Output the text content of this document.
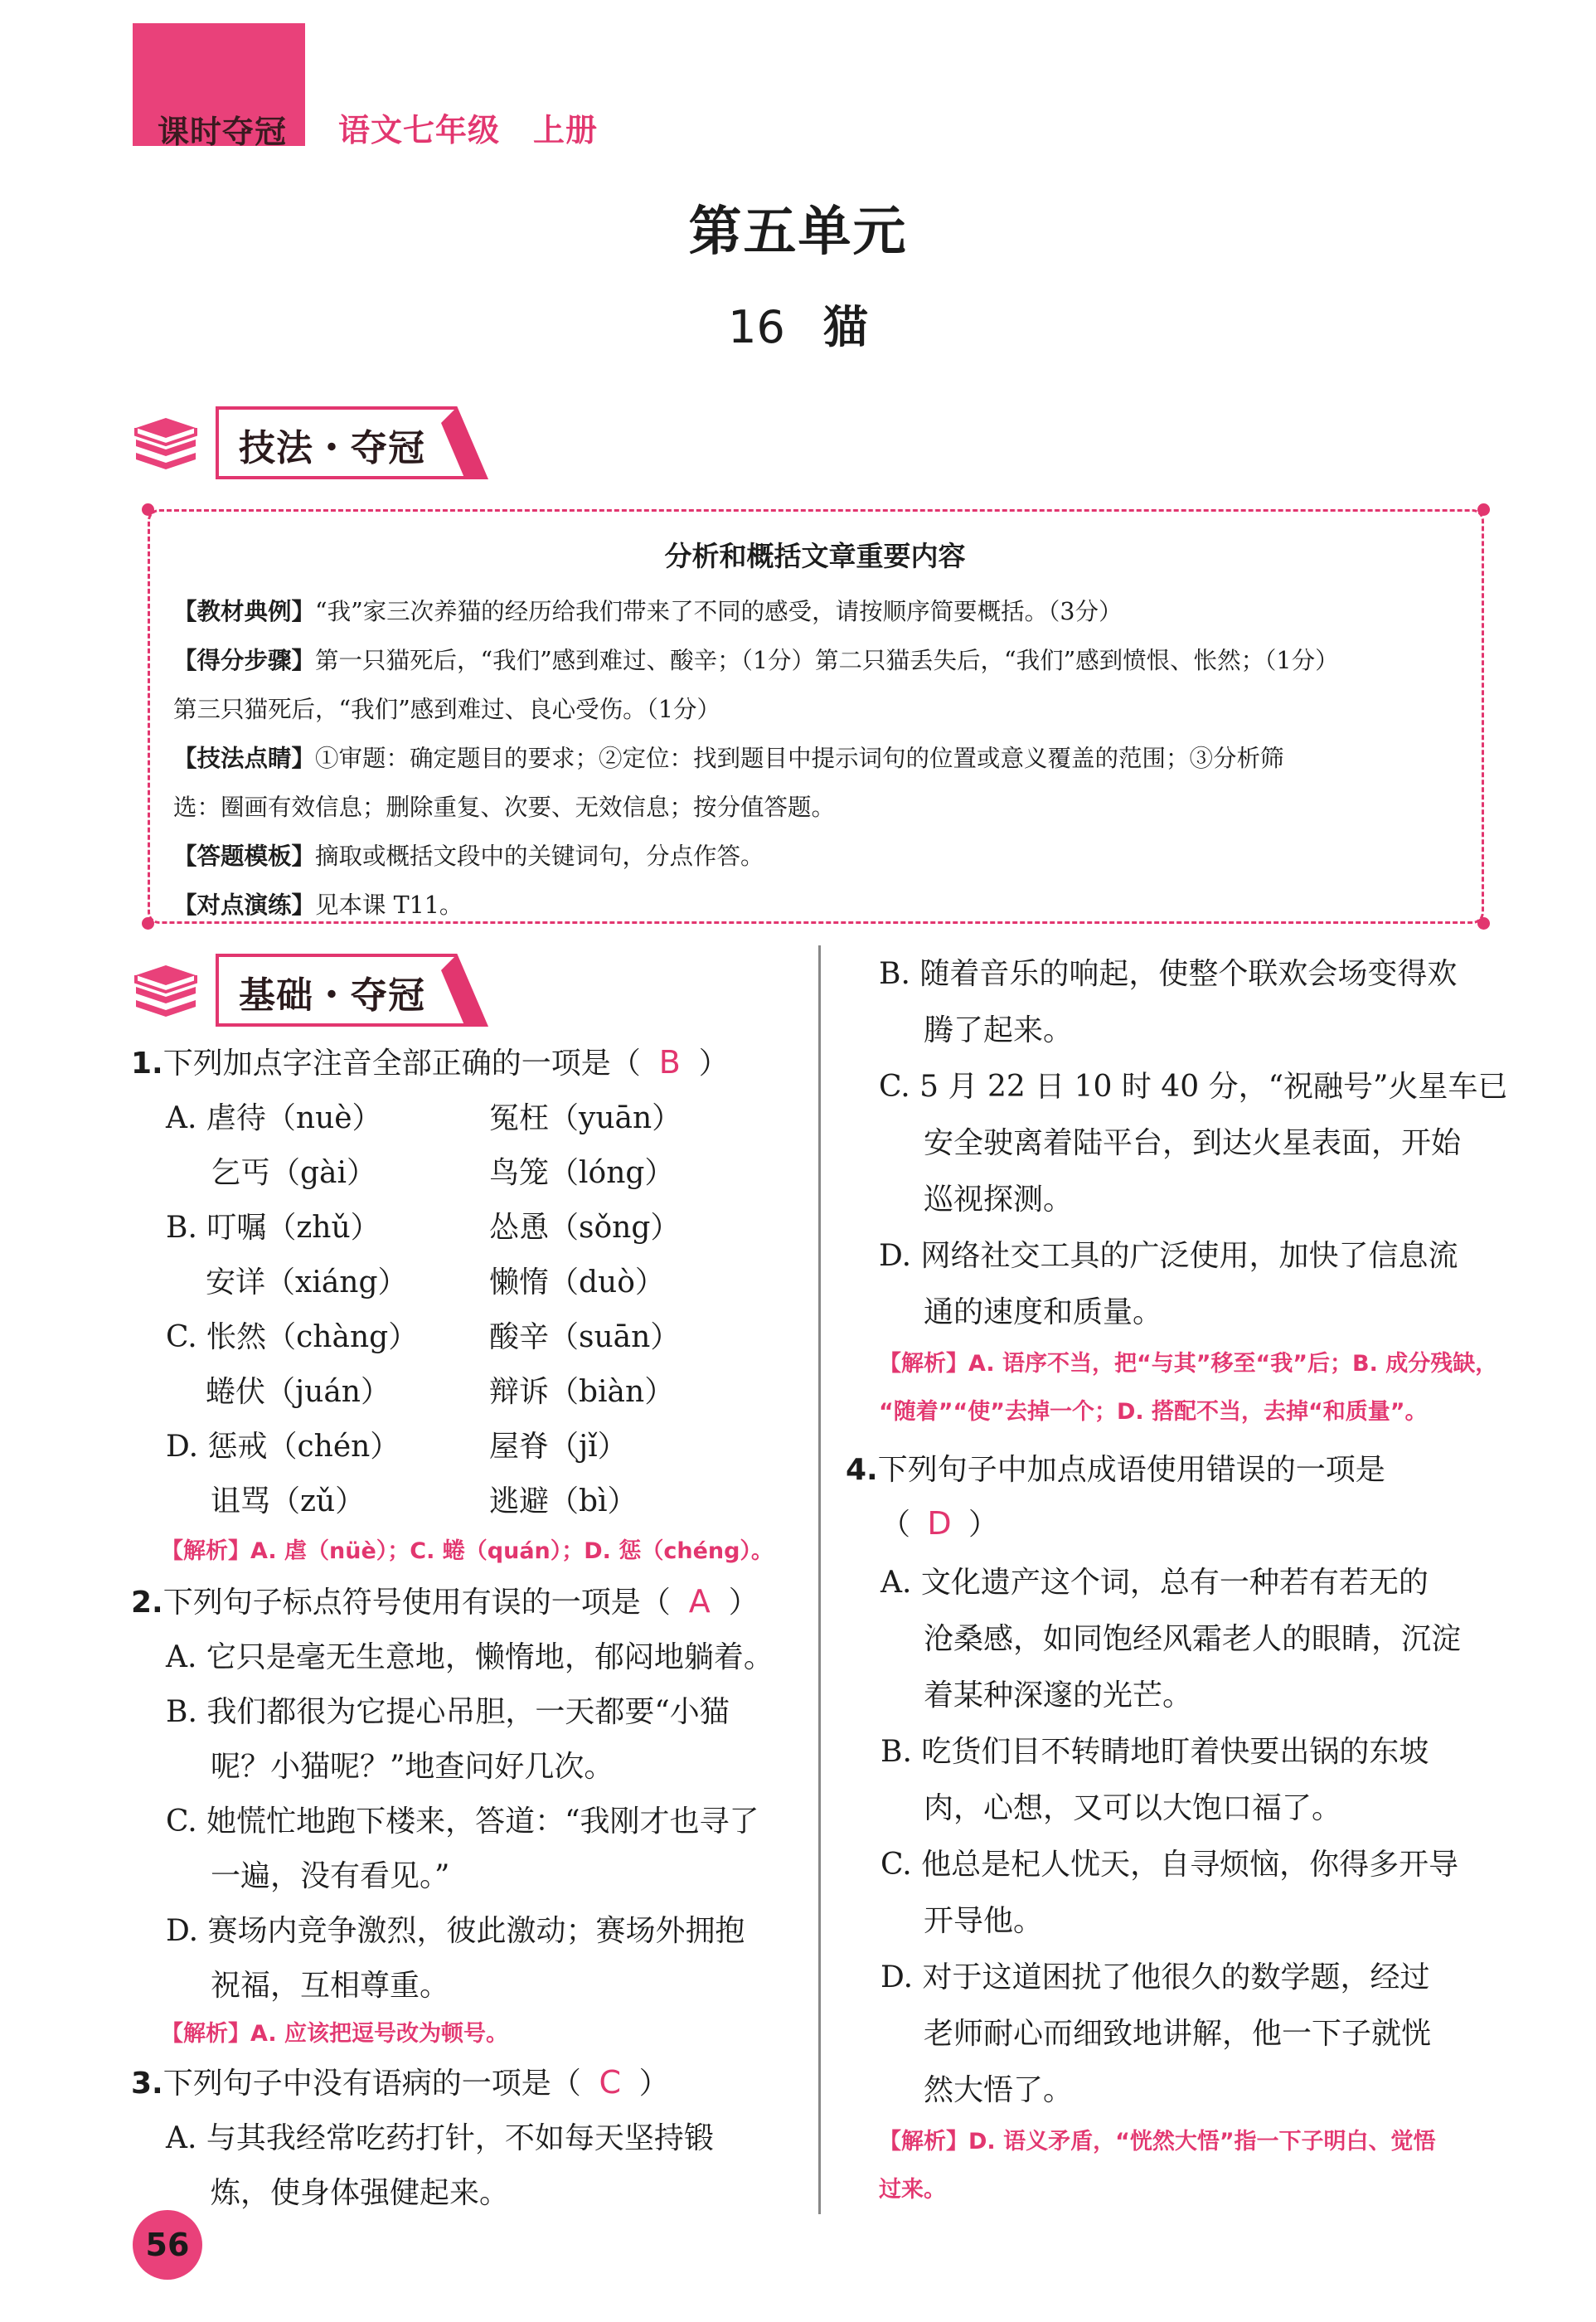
课时夺冠 语文七年级 上册
第五单元
16 猫
技法・夺冠
分析和概括文章重要内容
【教材典例】“我”家三次养猫的经历给我们带来了不同的感受，请按顺序简要概括。（3分）
【得分步骤】第一只猫死后，“我们”感到难过、酸辛；（1分）第二只猫丢失后，“我们”感到愤恨、怅然；（1分）
第三只猫死后，“我们”感到难过、良心受伤。（1分）
【技法点睛】①审题：确定题目的要求；②定位：找到题目中提示词句的位置或意义覆盖的范围；③分析筛
选：圈画有效信息；删除重复、次要、无效信息；按分值答题。
【答题模板】摘取或概括文段中的关键词句，分点作答。
【对点演练】见本课 T11。
基础・夺冠
1.下列加点字注音全部正确的一项是（ B ）
A. 虐待（nuè）	冤枉（yuān）
乞丐（gài）	鸟笼（lóng）
B. 叮嘱（zhǔ）	怂恿（sǒng）
安详（xiáng）	懒惰（duò）
C. 怅然（chàng） 酸辛（suān）
蜷伏（juán）	辩诉（biàn）
D. 惩戒（chén）	屋脊（jǐ）
诅骂（zǔ）	逃避（bì）
【解析】A. 虐（nüè）；C. 蜷（quán）；D. 惩（chéng）。
2.下列句子标点符号使用有误的一项是（ A ）
A. 它只是毫无生意地，懒惰地，郁闷地躺着。
B. 我们都很为它提心吊胆，一天都要“小猫
呢？小猫呢？”地查问好几次。
C. 她慌忙地跑下楼来，答道：“我刚才也寻了
一遍，没有看见。”
D. 赛场内竞争激烈，彼此激动；赛场外拥抱
祝福，互相尊重。
【解析】A. 应该把逗号改为顿号。
3.下列句子中没有语病的一项是（ C ）
A. 与其我经常吃药打针，不如每天坚持锻
炼，使身体强健起来。
B. 随着音乐的响起，使整个联欢会场变得欢
腾了起来。
C. 5 月 22 日 10 时 40 分，“祝融号”火星车已
安全驶离着陆平台，到达火星表面，开始
巡视探测。
D. 网络社交工具的广泛使用，加快了信息流
通的速度和质量。
【解析】A. 语序不当，把“与其”移至“我”后；B. 成分残缺，
“随着”“使”去掉一个；D. 搭配不当，去掉“和质量”。
4.下列句子中加点成语使用错误的一项是
（ D ）
A. 文化遗产这个词，总有一种若有若无的
沧桑感，如同饱经风霜老人的眼睛，沉淀
着某种深邃的光芒。
B. 吃货们目不转睛地盯着快要出锅的东坡
肉，心想，又可以大饱口福了。
C. 他总是杞人忧天，自寻烦恼，你得多开导
开导他。
D. 对于这道困扰了他很久的数学题，经过
老师耐心而细致地讲解，他一下子就恍
然大悟了。
【解析】D. 语义矛盾，“恍然大悟”指一下子明白、觉悟
过来。
56
